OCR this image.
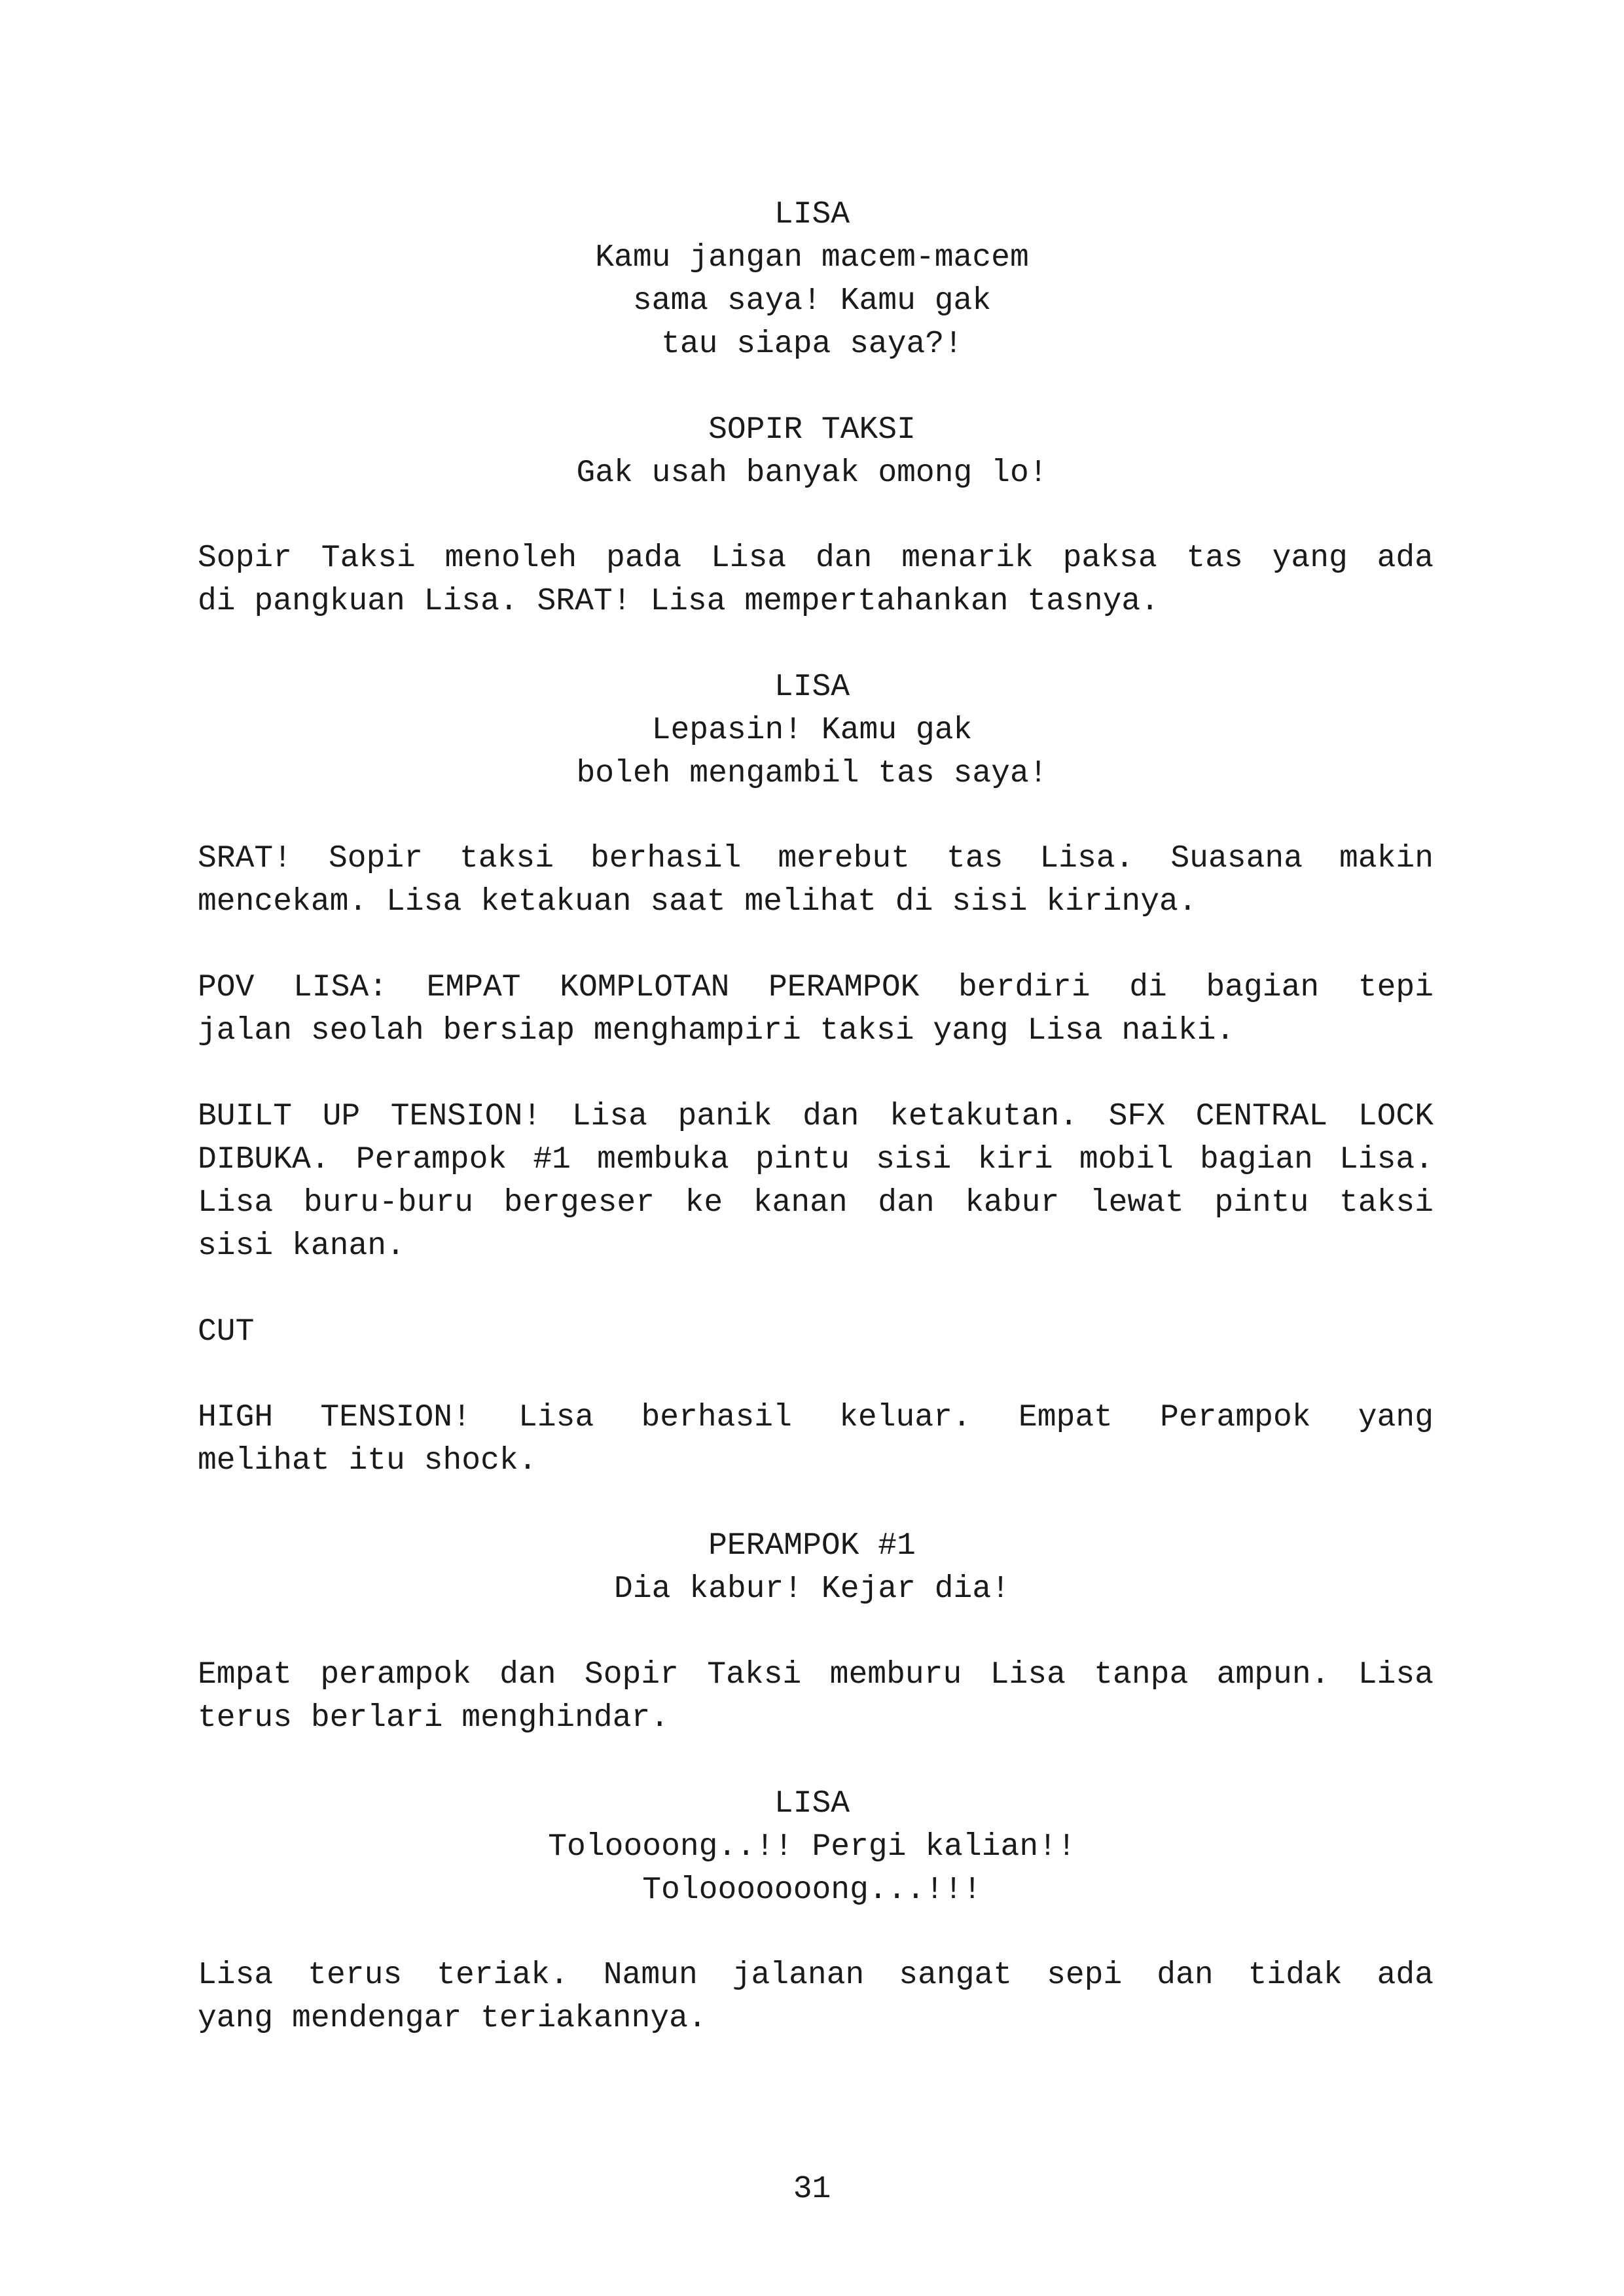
LISA

Kamu jangan macem-macem

sama saya! Kamu gak

tau siapa saya?!

SOPIR TAKSI

Gak usah banyak omong lo!

Sopir Taksi menoleh pada Lisa dan menarik paksa tas yang ada

di pangkuan Lisa. SRAT! Lisa mempertahankan tasnya.

LISA

Lepasin! Kamu gak

boleh mengambil tas saya!

SRAT! Sopir taksi berhasil merebut tas Lisa. Suasana makin

mencekam. Lisa ketakuan saat melihat di sisi kirinya.

POV LISA: EMPAT KOMPLOTAN PERAMPOK berdiri di bagian tepi

jalan seolah bersiap menghampiri taksi yang Lisa naiki.

BUILT UP TENSION! Lisa panik dan ketakutan. SFX CENTRAL LOCK

DIBUKA. Perampok #1 membuka pintu sisi kiri mobil bagian Lisa.

Lisa buru-buru bergeser ke kanan dan kabur lewat pintu taksi

sisi kanan.

CUT

HIGH TENSION! Lisa berhasil keluar. Empat Perampok yang

melihat itu shock.

PERAMPOK #1

Dia kabur! Kejar dia!

Empat perampok dan Sopir Taksi memburu Lisa tanpa ampun. Lisa

terus berlari menghindar.

LISA

Toloooong..!! Pergi kalian!!

Tolooooooong...!!!

Lisa terus teriak. Namun jalanan sangat sepi dan tidak ada

yang mendengar teriakannya.

31
